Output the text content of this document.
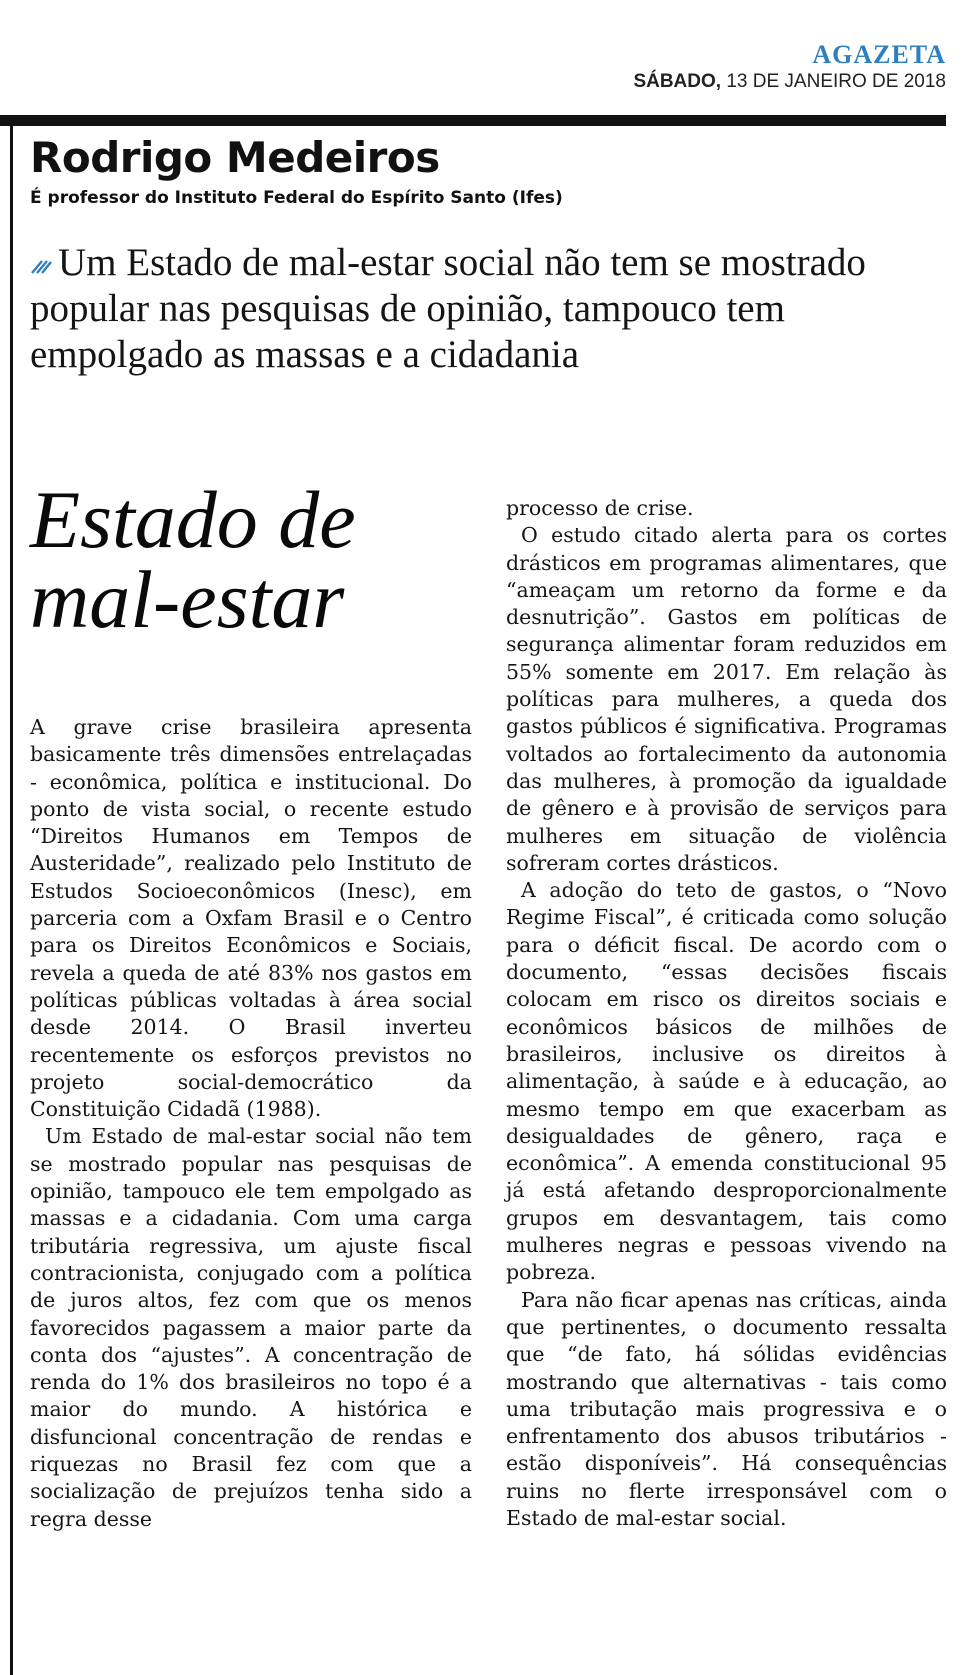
AGAZETA
SÁBADO, 13 DE JANEIRO DE 2018
Rodrigo Medeiros
É professor do Instituto Federal do Espírito Santo (Ifes)
Um Estado de mal-estar social não tem se mostrado popular nas pesquisas de opinião, tampouco tem empolgado as massas e a cidadania
Estado de
mal-estar

A grave crise brasileira apresenta basicamente três dimensões entrelaçadas - econômica, política e institucional. Do ponto de vista social, o recente estudo “Direitos Humanos em Tempos de Austeridade”, realizado pelo Instituto de Estudos Socioeconômicos (Inesc), em parceria com a Oxfam Brasil e o Centro para os Direitos Econômicos e Sociais, revela a queda de até 83% nos gastos em políticas públicas voltadas à área social desde 2014. O Brasil inverteu recentemente os esforços previstos no projeto social-democrático da Constituição Cidadã (1988).

Um Estado de mal-estar social não tem se mostrado popular nas pesquisas de opinião, tampouco ele tem empolgado as massas e a cidadania. Com uma carga tributária regressiva, um ajuste fiscal contracionista, conjugado com a política de juros altos, fez com que os menos favorecidos pagassem a maior parte da conta dos “ajustes”. A concentração de renda do 1% dos brasileiros no topo é a maior do mundo. A histórica e disfuncional concentração de rendas e riquezas no Brasil fez com que a socialização de prejuízos tenha sido a regra desse

processo de crise.

O estudo citado alerta para os cortes drásticos em programas alimentares, que “ameaçam um retorno da forme e da desnutrição”. Gastos em políticas de segurança alimentar foram reduzidos em 55% somente em 2017. Em relação às políticas para mulheres, a queda dos gastos públicos é significativa. Programas voltados ao fortalecimento da autonomia das mulheres, à promoção da igualdade de gênero e à provisão de serviços para mulheres em situação de violência sofreram cortes drásticos.

A adoção do teto de gastos, o “Novo Regime Fiscal”, é criticada como solução para o déficit fiscal. De acordo com o documento, “essas decisões fiscais colocam em risco os direitos sociais e econômicos básicos de milhões de brasileiros, inclusive os direitos à alimentação, à saúde e à educação, ao mesmo tempo em que exacerbam as desigualdades de gênero, raça e econômica”. A emenda constitucional 95 já está afetando desproporcionalmente grupos em desvantagem, tais como mulheres negras e pessoas vivendo na pobreza.

Para não ficar apenas nas críticas, ainda que pertinentes, o documento ressalta que “de fato, há sólidas evidências mostrando que alternativas - tais como uma tributação mais progressiva e o enfrentamento dos abusos tributários - estão disponíveis”. Há consequências ruins no flerte irresponsável com o Estado de mal-estar social.
